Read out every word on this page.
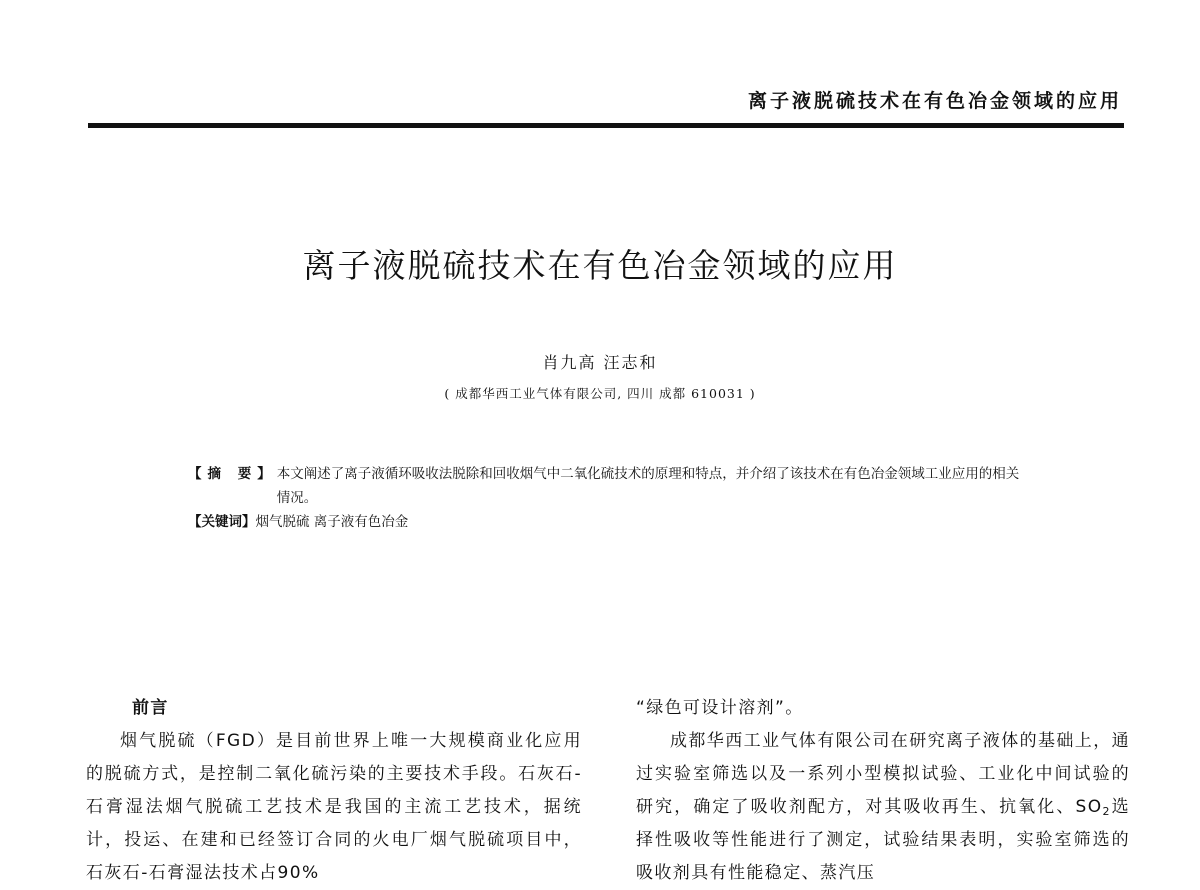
离子液脱硫技术在有色冶金领域的应用
离子液脱硫技术在有色冶金领域的应用
肖九高 汪志和
( 成都华西工业气体有限公司, 四川 成都 610031 )
【摘 要】 本文阐述了离子液循环吸收法脱除和回收烟气中二氧化硫技术的原理和特点，并介绍了该技术在有色冶金领域工业应用的相关情况。
【关键词】 烟气脱硫 离子液有色冶金
前言

烟气脱硫（FGD）是目前世界上唯一大规模商业化应用的脱硫方式，是控制二氧化硫污染的主要技术手段。石灰石-石膏湿法烟气脱硫工艺技术是我国的主流工艺技术，据统计，投运、在建和已经签订合同的火电厂烟气脱硫项目中，石灰石-石膏湿法技术占90%

“绿色可设计溶剂”。

成都华西工业气体有限公司在研究离子液体的基础上，通过实验室筛选以及一系列小型模拟试验、工业化中间试验的研究，确定了吸收剂配方，对其吸收再生、抗氧化、$SO_2$选择性吸收等性能进行了测定，试验结果表明，实验室筛选的吸收剂具有性能稳定、蒸汽压
